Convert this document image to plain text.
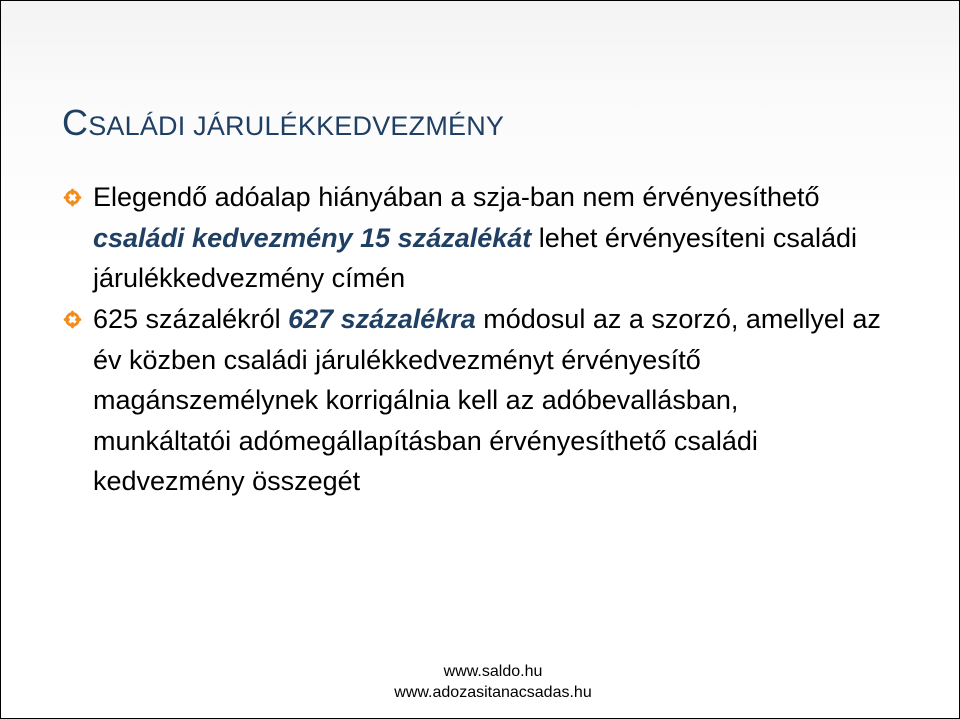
CSALÁDI JÁRULÉKKEDVEZMÉNY
Elegendő adóalap hiányában a szja-ban nem érvényesíthető családi kedvezmény 15 százalékát lehet érvényesíteni családi járulékkedvezmény címén
625 százalékról 627 százalékra módosul az a szorzó, amellyel az év közben családi járulékkedvezményt érvényesítő magánszemélynek korrigálnia kell az adóbevallásban, munkáltatói adómegállapításban érvényesíthető családi kedvezmény összegét
www.saldo.hu
www.adozasitanacsadas.hu
